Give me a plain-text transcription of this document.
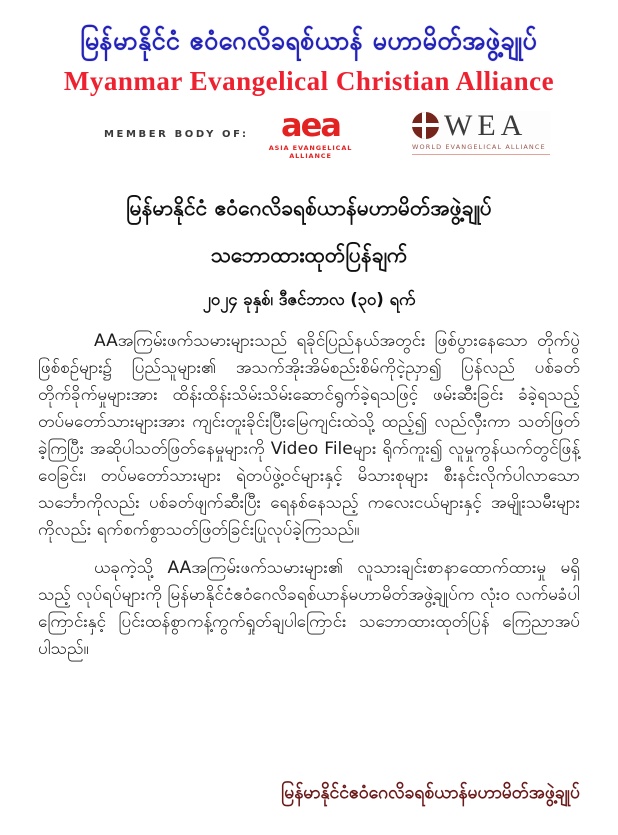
မြန်မာနိုင်ငံ ဧဝံဂေလိခရစ်ယာန် မဟာမိတ်အဖွဲ့ချုပ်
Myanmar Evangelical Christian Alliance
MEMBER BODY OF:	aea
ASIA EVANGELICAL ALLIANCE
WEA
WORLD EVANGELICAL ALLIANCE
မြန်မာနိုင်ငံ ဧဝံဂေလိခရစ်ယာန်မဟာမိတ်အဖွဲ့ချုပ်
သဘောထားထုတ်ပြန်ချက်
၂၀၂၄ ခုနှစ်၊ ဒီဇင်ဘာလ (၃၀) ရက်

AAအကြမ်းဖက်သမားများသည် ရခိုင်ပြည်နယ်အတွင်း ဖြစ်ပွားနေသော တိုက်ပွဲဖြစ်စဉ်များ၌ ပြည်သူများ၏ အသက်အိုးအိမ်စည်းစိမ်ကိုငဲ့ညှာ၍ ပြန်လည် ပစ်ခတ်တိုက်ခိုက်မှုများအား ထိန်းထိန်းသိမ်းသိမ်းဆောင်ရွက်ခဲ့ရသဖြင့် ဖမ်းဆီးခြင်း ခံခဲ့ရသည့် တပ်မတော်သားများအား ကျင်းတူးခိုင်းပြီးမြေကျင်းထဲသို့ ထည့်၍ လည်လှီးကာ သတ်ဖြတ်ခဲ့ကြပြီး အဆိုပါသတ်ဖြတ်နေမှုများကို Video Fileများ ရိုက်ကူး၍ လူမှုကွန်ယက်တွင်ဖြန့်ဝေခြင်း၊ တပ်မတော်သားများ ရဲတပ်ဖွဲ့ဝင်များနှင့် မိသားစုများ စီးနင်းလိုက်ပါလာသော သင်္ဘောကိုလည်း ပစ်ခတ်ဖျက်ဆီးပြီး ရေနစ်နေသည့် ကလေးငယ်များနှင့် အမျိုးသမီးများကိုလည်း ရက်စက်စွာသတ်ဖြတ်ခြင်းပြုလုပ်ခဲ့ကြသည်။

ယခုကဲ့သို့ AAအကြမ်းဖက်သမားများ၏ လူသားချင်းစာနာထောက်ထားမှု မရှိသည့် လုပ်ရပ်များကို မြန်မာနိုင်ငံဧဝံဂေလိခရစ်ယာန်မဟာမိတ်အဖွဲ့ချုပ်က လုံးဝ လက်မခံပါကြောင်းနှင့် ပြင်းထန်စွာကန့်ကွက်ရှုတ်ချပါကြောင်း သဘောထားထုတ်ပြန် ကြေညာအပ်ပါသည်။

မြန်မာနိုင်ငံဧဝံဂေလိခရစ်ယာန်မဟာမိတ်အဖွဲ့ချုပ်
